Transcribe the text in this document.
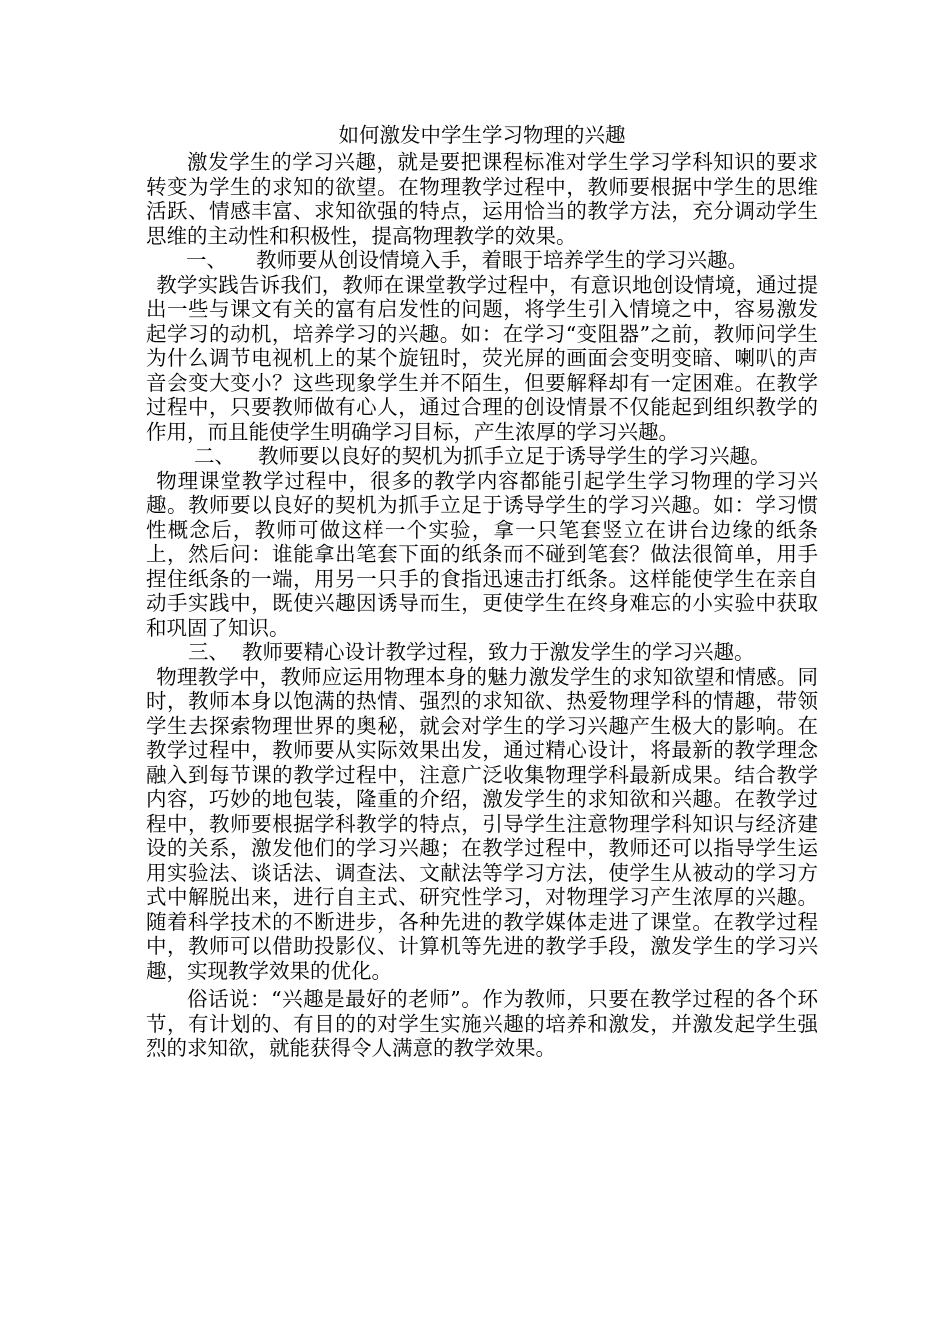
如何激发中学生学习物理的兴趣

激发学生的学习兴趣，就是要把课程标准对学生学习学科知识的要求转变为学生的求知的欲望。在物理教学过程中，教师要根据中学生的思维活跃、情感丰富、求知欲强的特点，运用恰当的教学方法，充分调动学生思维的主动性和积极性，提高物理教学的效果。

一、 教师要从创设情境入手，着眼于培养学生的学习兴趣。

教学实践告诉我们，教师在课堂教学过程中，有意识地创设情境，通过提出一些与课文有关的富有启发性的问题，将学生引入情境之中，容易激发起学习的动机，培养学习的兴趣。如：在学习“变阻器”之前，教师问学生为什么调节电视机上的某个旋钮时，荧光屏的画面会变明变暗、喇叭的声音会变大变小？这些现象学生并不陌生，但要解释却有一定困难。在教学过程中，只要教师做有心人，通过合理的创设情景不仅能起到组织教学的作用，而且能使学生明确学习目标，产生浓厚的学习兴趣。

二、 教师要以良好的契机为抓手立足于诱导学生的学习兴趣。

物理课堂教学过程中，很多的教学内容都能引起学生学习物理的学习兴趣。教师要以良好的契机为抓手立足于诱导学生的学习兴趣。如：学习惯性概念后，教师可做这样一个实验，拿一只笔套竖立在讲台边缘的纸条上，然后问：谁能拿出笔套下面的纸条而不碰到笔套？做法很简单，用手捏住纸条的一端，用另一只手的食指迅速击打纸条。这样能使学生在亲自动手实践中，既使兴趣因诱导而生，更使学生在终身难忘的小实验中获取和巩固了知识。

三、 教师要精心设计教学过程，致力于激发学生的学习兴趣。

物理教学中，教师应运用物理本身的魅力激发学生的求知欲望和情感。同时，教师本身以饱满的热情、强烈的求知欲、热爱物理学科的情趣，带领学生去探索物理世界的奥秘，就会对学生的学习兴趣产生极大的影响。在教学过程中，教师要从实际效果出发，通过精心设计，将最新的教学理念融入到每节课的教学过程中，注意广泛收集物理学科最新成果。结合教学内容，巧妙的地包装，隆重的介绍，激发学生的求知欲和兴趣。在教学过程中，教师要根据学科教学的特点，引导学生注意物理学科知识与经济建设的关系，激发他们的学习兴趣；在教学过程中，教师还可以指导学生运用实验法、谈话法、调查法、文献法等学习方法，使学生从被动的学习方式中解脱出来，进行自主式、研究性学习，对物理学习产生浓厚的兴趣。随着科学技术的不断进步，各种先进的教学媒体走进了课堂。在教学过程中，教师可以借助投影仪、计算机等先进的教学手段，激发学生的学习兴趣，实现教学效果的优化。

俗话说：“兴趣是最好的老师”。作为教师，只要在教学过程的各个环节，有计划的、有目的的对学生实施兴趣的培养和激发，并激发起学生强烈的求知欲，就能获得令人满意的教学效果。
